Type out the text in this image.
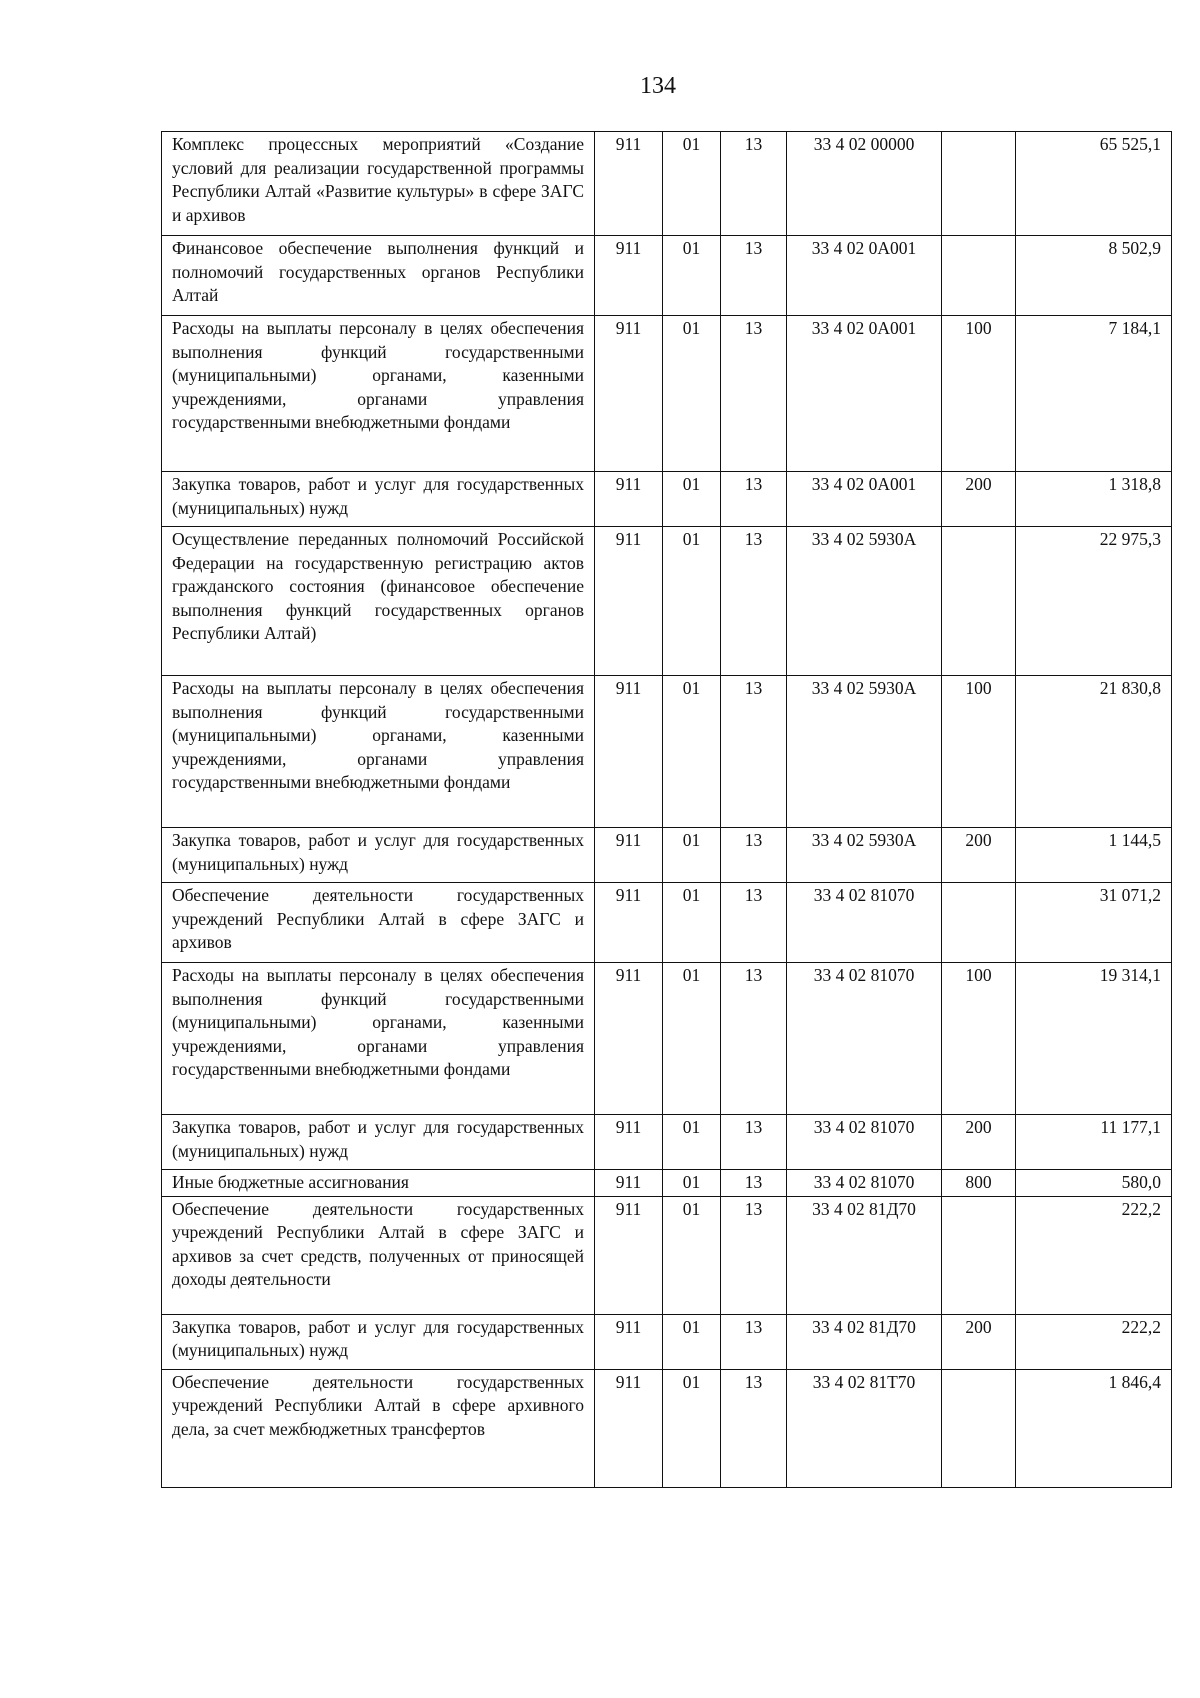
134
Комплекс процессных мероприятий «Создание условий для реализации государственной программы Республики Алтай «Развитие культуры» в сфере ЗАГС и архивов	911	01	13	33 4 02 00000		65 525,1
Финансовое обеспечение выполнения функций и полномочий государственных органов Республики Алтай	911	01	13	33 4 02 0А001		8 502,9
Расходы на выплаты персоналу в целях обеспечения выполнения функций государственными (муниципальными) органами, казенными учреждениями, органами управления государственными внебюджетными фондами	911	01	13	33 4 02 0А001	100	7 184,1
Закупка товаров, работ и услуг для государственных (муниципальных) нужд	911	01	13	33 4 02 0А001	200	1 318,8
Осуществление переданных полномочий Российской Федерации на государственную регистрацию актов гражданского состояния (финансовое обеспечение выполнения функций государственных органов Республики Алтай)	911	01	13	33 4 02 5930А		22 975,3
Расходы на выплаты персоналу в целях обеспечения выполнения функций государственными (муниципальными) органами, казенными учреждениями, органами управления государственными внебюджетными фондами	911	01	13	33 4 02 5930А	100	21 830,8
Закупка товаров, работ и услуг для государственных (муниципальных) нужд	911	01	13	33 4 02 5930А	200	1 144,5
Обеспечение деятельности государственных учреждений Республики Алтай в сфере ЗАГС и архивов	911	01	13	33 4 02 81070		31 071,2
Расходы на выплаты персоналу в целях обеспечения выполнения функций государственными (муниципальными) органами, казенными учреждениями, органами управления государственными внебюджетными фондами	911	01	13	33 4 02 81070	100	19 314,1
Закупка товаров, работ и услуг для государственных (муниципальных) нужд	911	01	13	33 4 02 81070	200	11 177,1
Иные бюджетные ассигнования	911	01	13	33 4 02 81070	800	580,0
Обеспечение деятельности государственных учреждений Республики Алтай в сфере ЗАГС и архивов за счет средств, полученных от приносящей доходы деятельности	911	01	13	33 4 02 81Д70		222,2
Закупка товаров, работ и услуг для государственных (муниципальных) нужд	911	01	13	33 4 02 81Д70	200	222,2
Обеспечение деятельности государственных учреждений Республики Алтай в сфере архивного дела, за счет межбюджетных трансфертов	911	01	13	33 4 02 81Т70		1 846,4
